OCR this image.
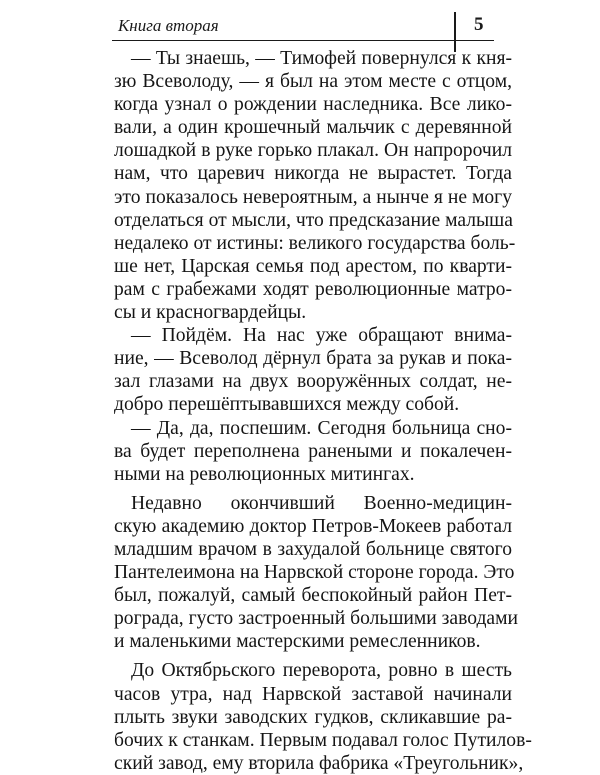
Книга вторая	5
— Ты знаешь, — Тимофей повернулся к кня-
зю Всеволоду, — я был на этом месте с отцом,
когда узнал о рождении наследника. Все лико-
вали, а один крошечный мальчик с деревянной
лошадкой в руке горько плакал. Он напророчил
нам, что царевич никогда не вырастет. Тогда
это показалось невероятным, а нынче я не могу
отделаться от мысли, что предсказание малыша
недалеко от истины: великого государства боль-
ше нет, Царская семья под арестом, по кварти-
рам с грабежами ходят революционные матро-
сы и красногвардейцы.
— Пойдём. На нас уже обращают внима-
ние, — Всеволод дёрнул брата за рукав и пока-
зал глазами на двух вооружённых солдат, не-
добро перешёптывавшихся между собой.
— Да, да, поспешим. Сегодня больница сно-
ва будет переполнена ранеными и покалечен-
ными на революционных митингах.
Недавно окончивший Военно-медицин-
скую академию доктор Петров-Мокеев работал
младшим врачом в захудалой больнице святого
Пантелеимона на Нарвской стороне города. Это
был, пожалуй, самый беспокойный район Пет-
рограда, густо застроенный большими заводами
и маленькими мастерскими ремесленников.
До Октябрьского переворота, ровно в шесть
часов утра, над Нарвской заставой начинали
плыть звуки заводских гудков, скликавшие ра-
бочих к станкам. Первым подавал голос Путилов-
ский завод, ему вторила фабрика «Треугольник»,
